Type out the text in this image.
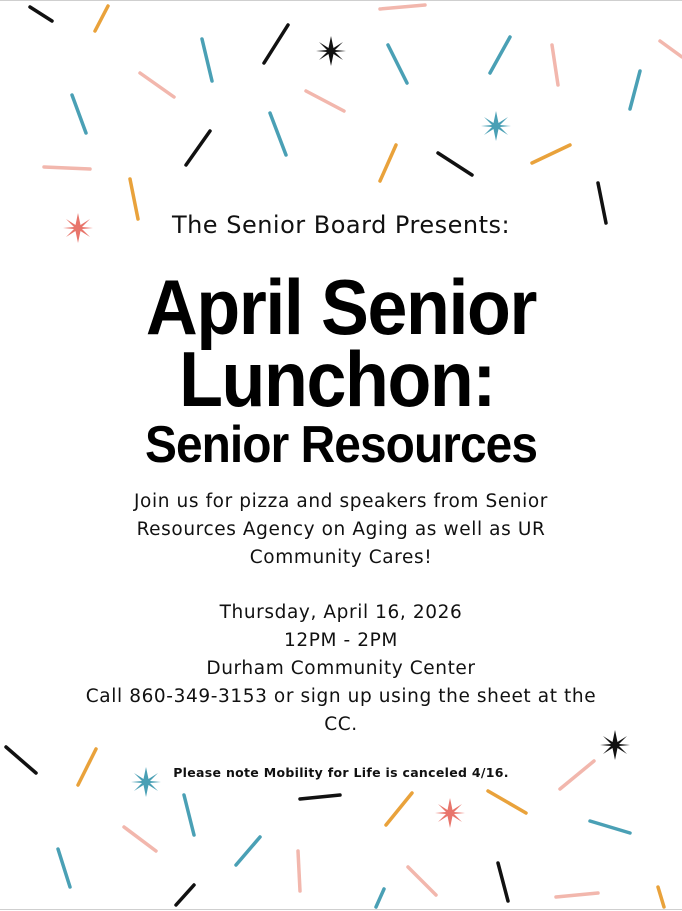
The Senior Board Presents:
April Senior
Lunchon:
Senior Resources
Join us for pizza and speakers from Senior Resources Agency on Aging as well as UR Community Cares!
Thursday, April 16, 2026
12PM - 2PM
Durham Community Center
Call 860-349-3153 or sign up using the sheet at the CC.
Please note Mobility for Life is canceled 4/16.
